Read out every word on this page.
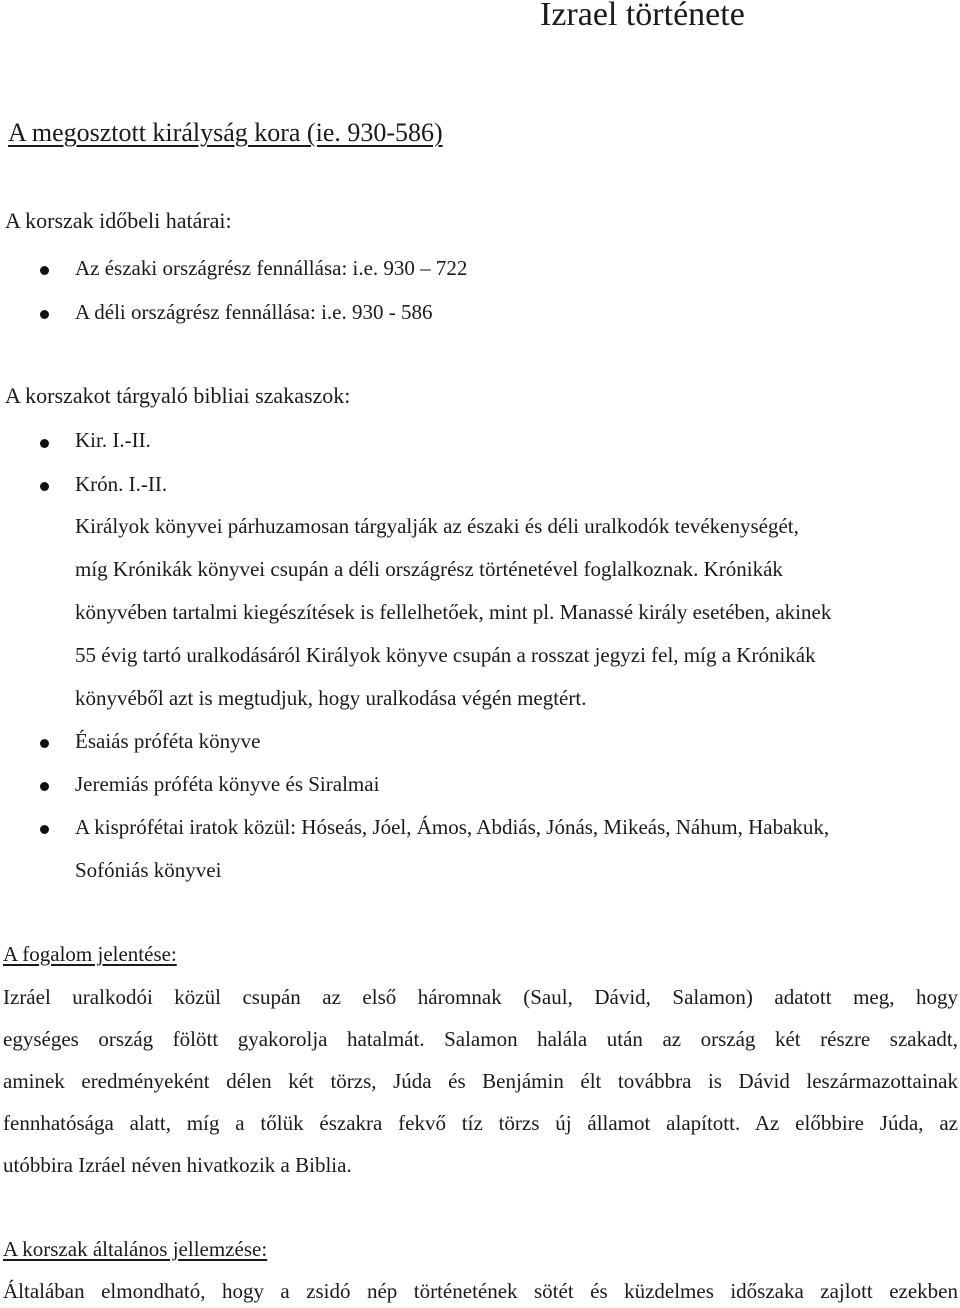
Izrael története
A megosztott királyság kora (ie. 930-586)
A korszak időbeli határai:
Az északi országrész fennállása: i.e. 930 – 722
A déli országrész fennállása: i.e. 930 - 586
A korszakot tárgyaló bibliai szakaszok:
Kir. I.-II.
Krón. I.-II.
Királyok könyvei párhuzamosan tárgyalják az északi és déli uralkodók tevékenységét,
míg Krónikák könyvei csupán a déli országrész történetével foglalkoznak. Krónikák
könyvében tartalmi kiegészítések is fellelhetőek, mint pl. Manassé király esetében, akinek
55 évig tartó uralkodásáról Királyok könyve csupán a rosszat jegyzi fel, míg a Krónikák
könyvéből azt is megtudjuk, hogy uralkodása végén megtért.
Ésaiás próféta könyve
Jeremiás próféta könyve és Siralmai
A kisprófétai iratok közül: Hóseás, Jóel, Ámos, Abdiás, Jónás, Mikeás, Náhum, Habakuk,
Sofóniás könyvei
A fogalom jelentése:
Izráel uralkodói közül csupán az első háromnak (Saul, Dávid, Salamon) adatott meg, hogy
egységes ország fölött gyakorolja hatalmát. Salamon halála után az ország két részre szakadt,
aminek eredményeként délen két törzs, Júda és Benjámin élt továbbra is Dávid leszármazottainak
fennhatósága alatt, míg a tőlük északra fekvő tíz törzs új államot alapított. Az előbbire Júda, az
utóbbira Izráel néven hivatkozik a Biblia.
A korszak általános jellemzése:
Általában elmondható, hogy a zsidó nép történetének sötét és küzdelmes időszaka zajlott ezekben
